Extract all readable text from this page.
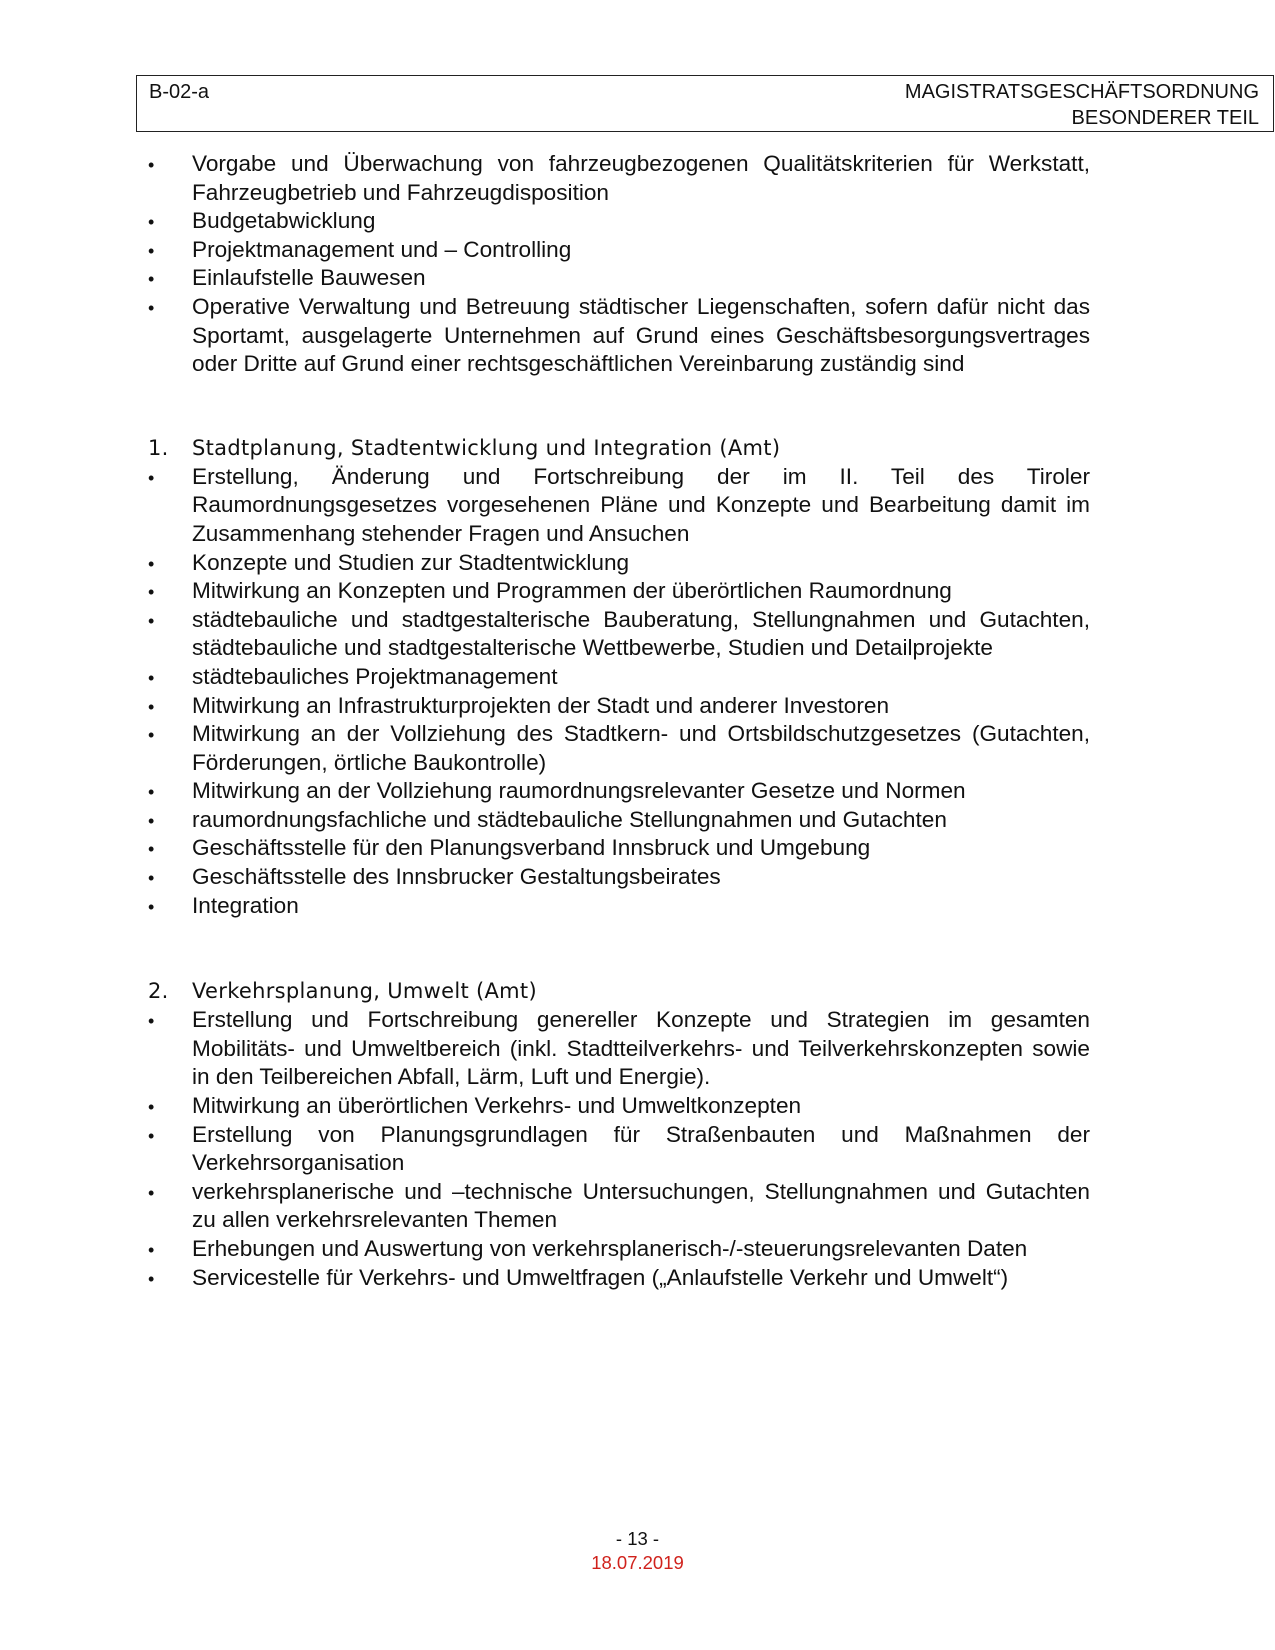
B-02-a	MAGISTRATSGESCHÄFTSORDNUNG
BESONDERER TEIL
• Vorgabe und Überwachung von fahrzeugbezogenen Qualitätskriterien für Werkstatt, Fahrzeugbetrieb und Fahrzeugdisposition
• Budgetabwicklung
• Projektmanagement und – Controlling
• Einlaufstelle Bauwesen
• Operative Verwaltung und Betreuung städtischer Liegenschaften, sofern dafür nicht das Sportamt, ausgelagerte Unternehmen auf Grund eines Geschäftsbesorgungsvertrages oder Dritte auf Grund einer rechtsgeschäftlichen Vereinbarung zuständig sind
1. Stadtplanung, Stadtentwicklung und Integration (Amt)
• Erstellung, Änderung und Fortschreibung der im II. Teil des Tiroler Raumordnungsgesetzes vorgesehenen Pläne und Konzepte und Bearbeitung damit im Zusammenhang stehender Fragen und Ansuchen
• Konzepte und Studien zur Stadtentwicklung
• Mitwirkung an Konzepten und Programmen der überörtlichen Raumordnung
• städtebauliche und stadtgestalterische Bauberatung, Stellungnahmen und Gutachten, städtebauliche und stadtgestalterische Wettbewerbe, Studien und Detailprojekte
• städtebauliches Projektmanagement
• Mitwirkung an Infrastrukturprojekten der Stadt und anderer Investoren
• Mitwirkung an der Vollziehung des Stadtkern- und Ortsbildschutzgesetzes (Gutachten, Förderungen, örtliche Baukontrolle)
• Mitwirkung an der Vollziehung raumordnungsrelevanter Gesetze und Normen
• raumordnungsfachliche und städtebauliche Stellungnahmen und Gutachten
• Geschäftsstelle für den Planungsverband Innsbruck und Umgebung
• Geschäftsstelle des Innsbrucker Gestaltungsbeirates
• Integration
2. Verkehrsplanung, Umwelt (Amt)
• Erstellung und Fortschreibung genereller Konzepte und Strategien im gesamten Mobilitäts- und Umweltbereich (inkl. Stadtteilverkehrs- und Teilverkehrskonzepten sowie in den Teilbereichen Abfall, Lärm, Luft und Energie).
• Mitwirkung an überörtlichen Verkehrs- und Umweltkonzepten
• Erstellung von Planungsgrundlagen für Straßenbauten und Maßnahmen der Verkehrsorganisation
• verkehrsplanerische und –technische Untersuchungen, Stellungnahmen und Gutachten zu allen verkehrsrelevanten Themen
• Erhebungen und Auswertung von verkehrsplanerisch-/-steuerungsrelevanten Daten
• Servicestelle für Verkehrs- und Umweltfragen („Anlaufstelle Verkehr und Umwelt“)
- 13 -
18.07.2019
